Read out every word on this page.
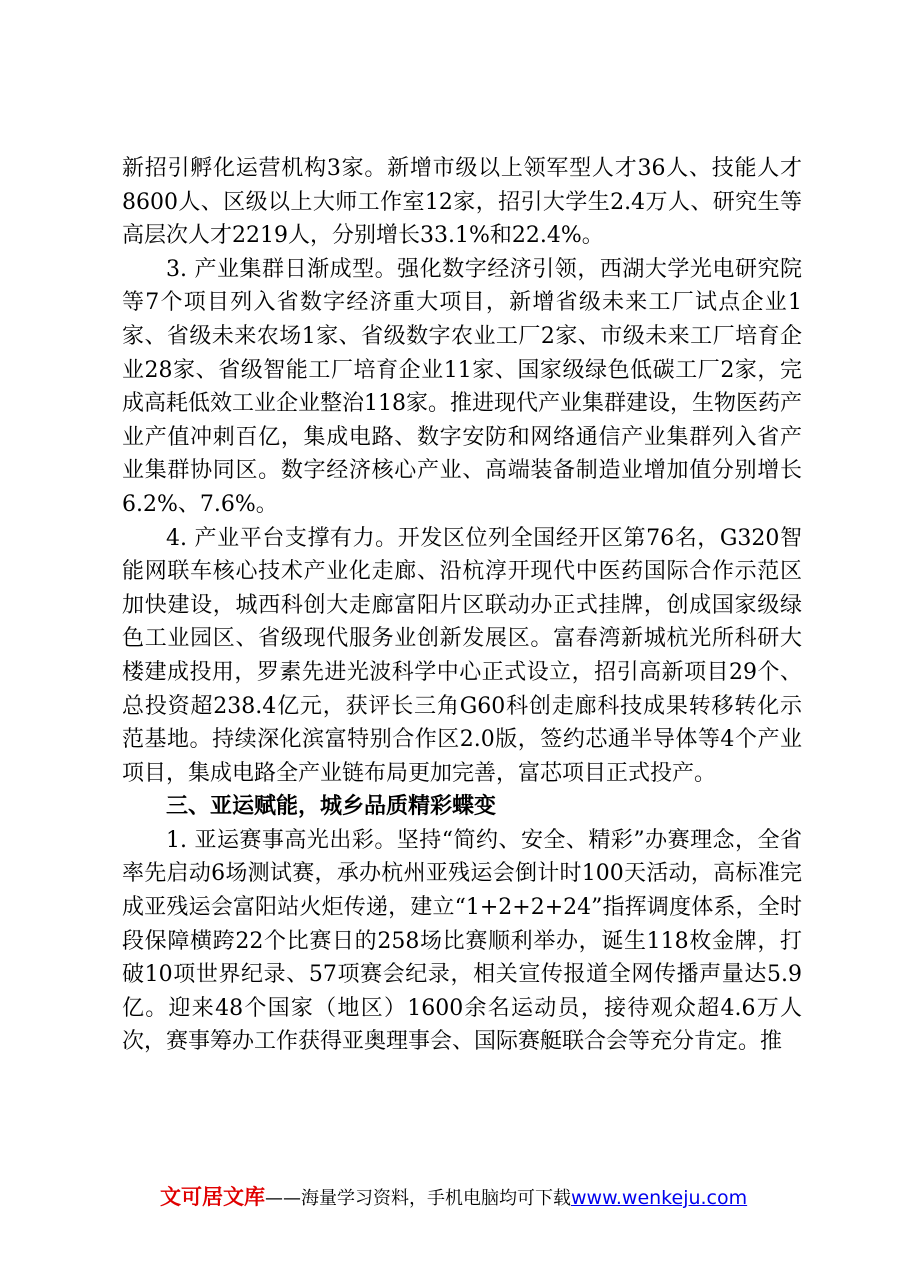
新招引孵化运营机构3家。新增市级以上领军型人才36人、技能人才8600人、区级以上大师工作室12家，招引大学生2.4万人、研究生等高层次人才2219人，分别增长33.1%和22.4%。

3. 产业集群日渐成型。强化数字经济引领，西湖大学光电研究院等7个项目列入省数字经济重大项目，新增省级未来工厂试点企业1家、省级未来农场1家、省级数字农业工厂2家、市级未来工厂培育企业28家、省级智能工厂培育企业11家、国家级绿色低碳工厂2家，完成高耗低效工业企业整治118家。推进现代产业集群建设，生物医药产业产值冲刺百亿，集成电路、数字安防和网络通信产业集群列入省产业集群协同区。数字经济核心产业、高端装备制造业增加值分别增长6.2%、7.6%。

4. 产业平台支撑有力。开发区位列全国经开区第76名，G320智能网联车核心技术产业化走廊、沿杭淳开现代中医药国际合作示范区加快建设，城西科创大走廊富阳片区联动办正式挂牌，创成国家级绿色工业园区、省级现代服务业创新发展区。富春湾新城杭光所科研大楼建成投用，罗素先进光波科学中心正式设立，招引高新项目29个、总投资超238.4亿元，获评长三角G60科创走廊科技成果转移转化示范基地。持续深化滨富特别合作区2.0版，签约芯通半导体等4个产业项目，集成电路全产业链布局更加完善，富芯项目正式投产。

三、亚运赋能，城乡品质精彩蝶变

1. 亚运赛事高光出彩。坚持“简约、安全、精彩”办赛理念，全省率先启动6场测试赛，承办杭州亚残运会倒计时100天活动，高标准完成亚残运会富阳站火炬传递，建立“1+2+2+24”指挥调度体系，全时段保障横跨22个比赛日的258场比赛顺利举办，诞生118枚金牌，打破10项世界纪录、57项赛会纪录，相关宣传报道全网传播声量达5.9亿。迎来48个国家（地区）1600余名运动员，接待观众超4.6万人次，赛事筹办工作获得亚奥理事会、国际赛艇联合会等充分肯定。推

文可居文库——海量学习资料，手机电脑均可下载www.wenkeju.com
